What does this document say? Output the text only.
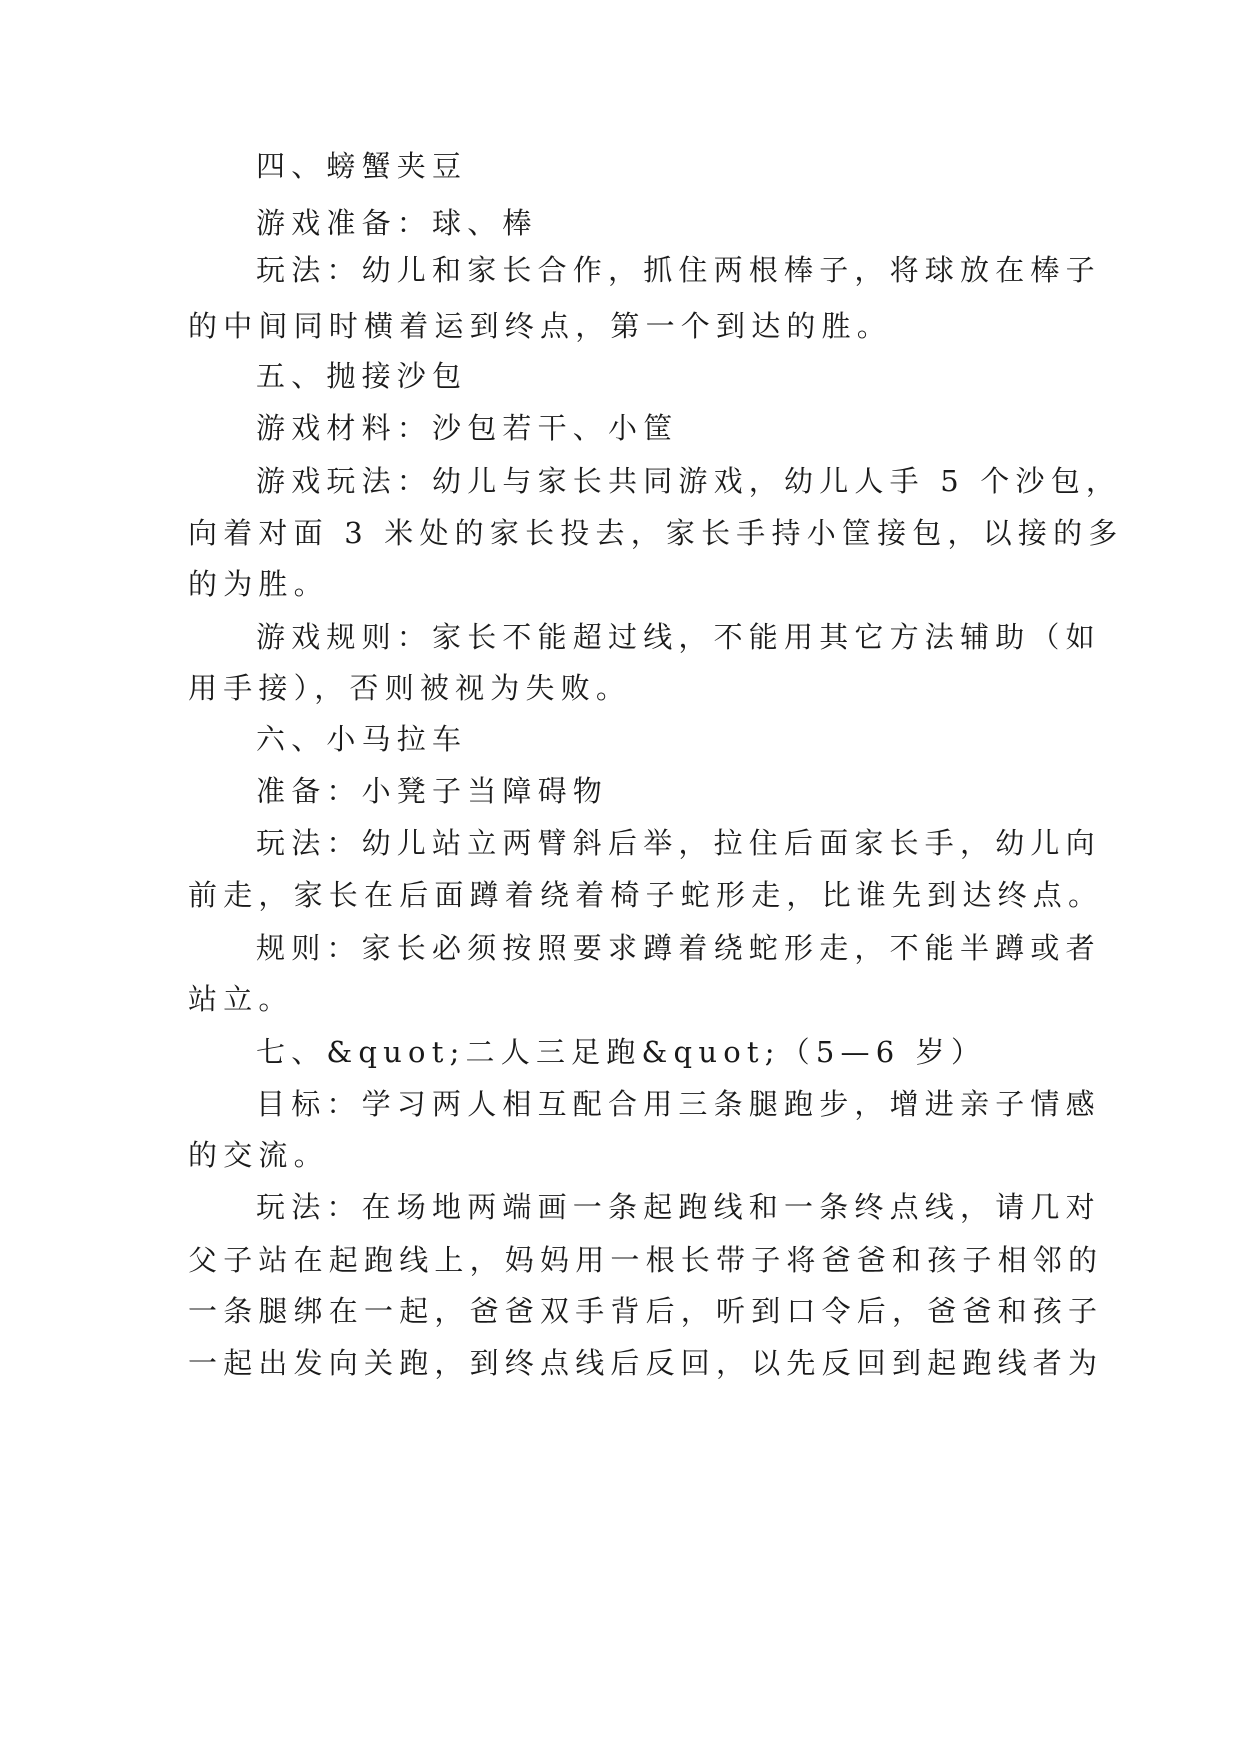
四、螃蟹夹豆
游戏准备：球、棒
玩法：幼儿和家长合作，抓住两根棒子，将球放在棒子
的中间同时横着运到终点，第一个到达的胜。
五、抛接沙包
游戏材料：沙包若干、小筐
游戏玩法：幼儿与家长共同游戏，幼儿人手 5 个沙包，
向着对面 3 米处的家长投去，家长手持小筐接包，以接的多
的为胜。
游戏规则：家长不能超过线，不能用其它方法辅助（如
用手接），否则被视为失败。
六、小马拉车
准备：小凳子当障碍物
玩法：幼儿站立两臂斜后举，拉住后面家长手，幼儿向
前走，家长在后面蹲着绕着椅子蛇形走，比谁先到达终点。
规则：家长必须按照要求蹲着绕蛇形走，不能半蹲或者
站立。
七、&quot;二人三足跑&quot;（5—6 岁）
目标：学习两人相互配合用三条腿跑步，增进亲子情感
的交流。
玩法：在场地两端画一条起跑线和一条终点线，请几对
父子站在起跑线上，妈妈用一根长带子将爸爸和孩子相邻的
一条腿绑在一起，爸爸双手背后，听到口令后，爸爸和孩子
一起出发向关跑，到终点线后反回，以先反回到起跑线者为
